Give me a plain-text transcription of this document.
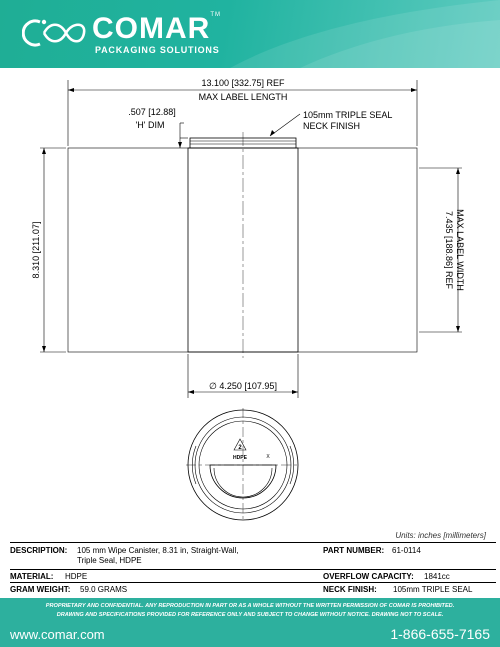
COMAR™
PACKAGING SOLUTIONS
13.100 [332.75] REF
MAX LABEL LENGTH
.507 [12.88]
'H' DIM
105mm TRIPLE SEAL
NECK FINISH
8.310 [211.07]	7.435 [188.86] REF MAX LABEL WIDTH
∅ 4.250 [107.95]
2
HDPE	X
Units: inches [millimeters]
DESCRIPTION: 105 mm Wipe Canister, 8.31 in, Straight-Wall,
Triple Seal, HDPE
PART NUMBER: 61-0114
MATERIAL: HDPE	OVERFLOW CAPACITY: 1841cc
GRAM WEIGHT: 59.0 GRAMS	NECK FINISH: 105mm TRIPLE SEAL
PROPRIETARY AND CONFIDENTIAL. ANY REPRODUCTION IN PART OR AS A WHOLE WITHOUT THE WRITTEN PERMISSION OF COMAR IS PROHIBITED.
DRAWING AND SPECIFICATIONS PROVIDED FOR REFERENCE ONLY AND SUBJECT TO CHANGE WITHOUT NOTICE. DRAWING NOT TO SCALE.
www.comar.com	1-866-655-7165
